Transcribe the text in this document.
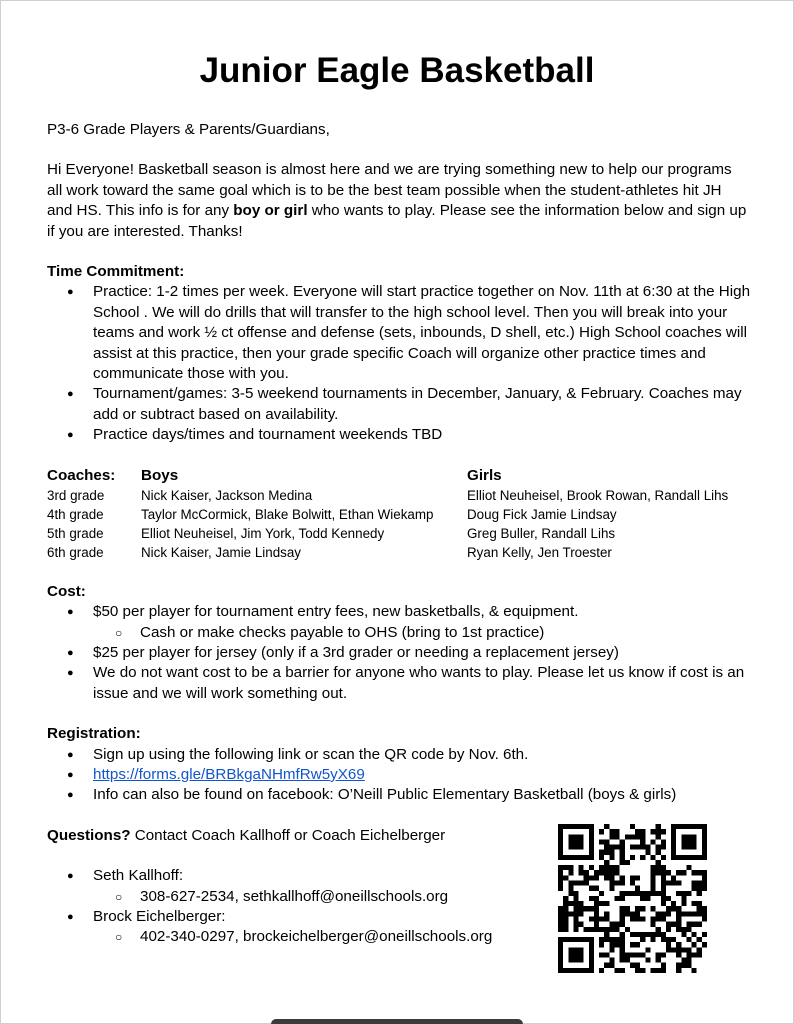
Junior Eagle Basketball

P3-6 Grade Players & Parents/Guardians,

Hi Everyone! Basketball season is almost here and we are trying something new to help our programs all work toward the same goal which is to be the best team possible when the student-athletes hit JH and HS. This info is for any boy or girl who wants to play. Please see the information below and sign up if you are interested. Thanks!

Time Commitment:
● Practice: 1-2 times per week. Everyone will start practice together on Nov. 11th at 6:30 at the High School . We will do drills that will transfer to the high school level. Then you will break into your teams and work ½ ct offense and defense (sets, inbounds, D shell, etc.) High School coaches will assist at this practice, then your grade specific Coach will organize other practice times and communicate those with you.
● Tournament/games: 3-5 weekend tournaments in December, January, & February. Coaches may add or subtract based on availability.
● Practice days/times and tournament weekends TBD
Coaches:	Boys	Girls
3rd grade	Nick Kaiser, Jackson Medina	Elliot Neuheisel, Brook Rowan, Randall Lihs
4th grade	Taylor McCormick, Blake Bolwitt, Ethan Wiekamp	Doug Fick Jamie Lindsay
5th grade	Elliot Neuheisel, Jim York, Todd Kennedy	Greg Buller, Randall Lihs
6th grade	Nick Kaiser, Jamie Lindsay	Ryan Kelly, Jen Troester
Cost:
● $50 per player for tournament entry fees, new basketballs, & equipment.
○ Cash or make checks payable to OHS (bring to 1st practice)
● $25 per player for jersey (only if a 3rd grader or needing a replacement jersey)
● We do not want cost to be a barrier for anyone who wants to play. Please let us know if cost is an issue and we will work something out.
Registration:
● Sign up using the following link or scan the QR code by Nov. 6th.
● https://forms.gle/BRBkgaNHmfRw5yX69
● Info can also be found on facebook: O’Neill Public Elementary Basketball (boys & girls)

Questions? Contact Coach Kallhoff or Coach Eichelberger

● Seth Kallhoff:
○ 308-627-2534, sethkallhoff@oneillschools.org
● Brock Eichelberger:
○ 402-340-0297, brockeichelberger@oneillschools.org
